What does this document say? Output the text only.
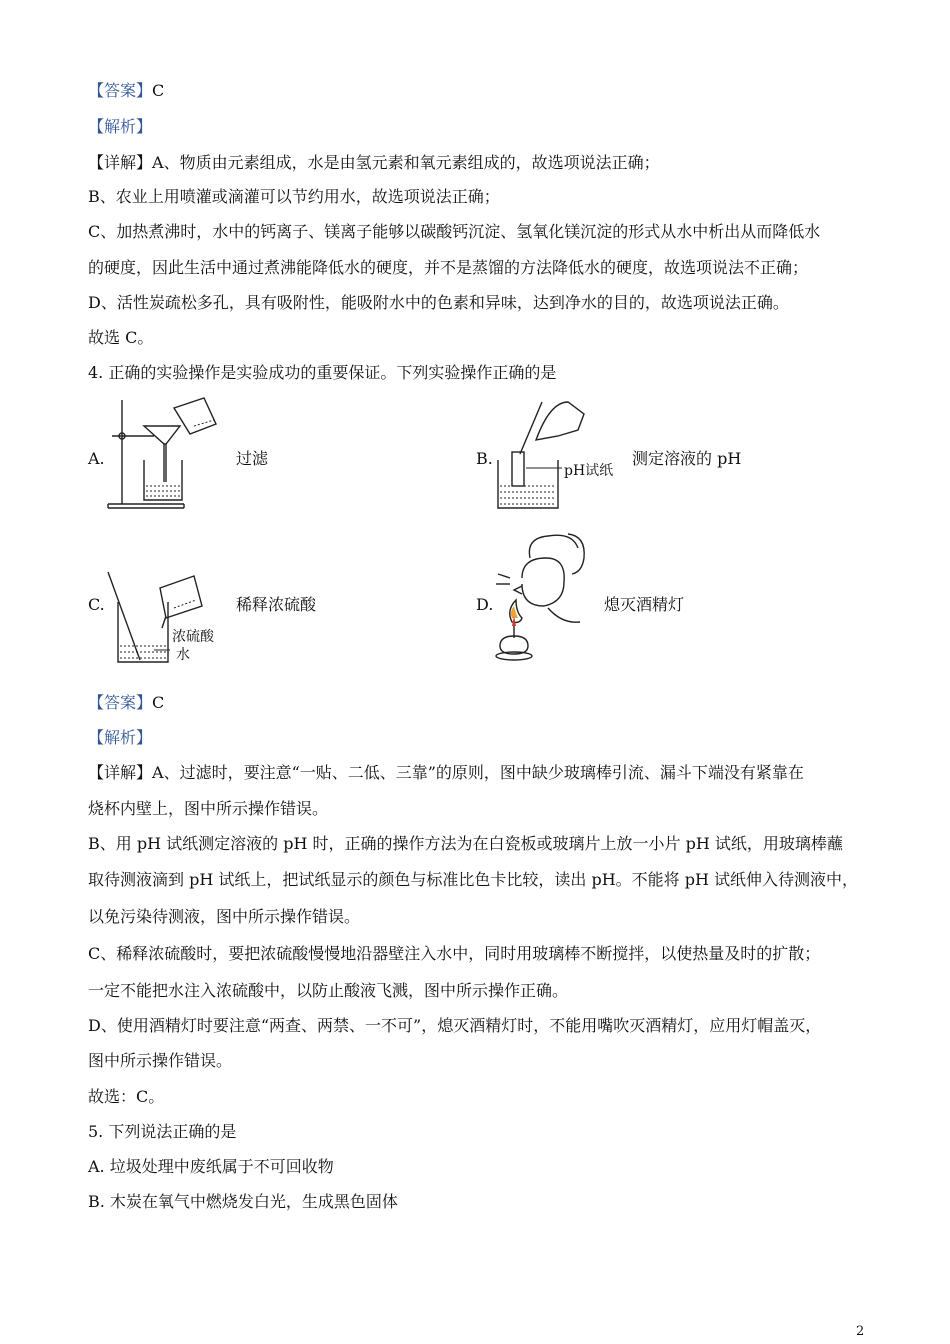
【答案】C
【解析】
【详解】A、物质由元素组成，水是由氢元素和氧元素组成的，故选项说法正确；
B、农业上用喷灌或滴灌可以节约用水，故选项说法正确；
C、加热煮沸时，水中的钙离子、镁离子能够以碳酸钙沉淀、氢氧化镁沉淀的形式从水中析出从而降低水
的硬度，因此生活中通过煮沸能降低水的硬度，并不是蒸馏的方法降低水的硬度，故选项说法不正确；
D、活性炭疏松多孔，具有吸附性，能吸附水中的色素和异味，达到净水的目的，故选项说法正确。
故选 C。
4. 正确的实验操作是实验成功的重要保证。下列实验操作正确的是
A.	过滤	B.
pH试纸
测定溶液的 pH
C.
浓硫酸
水
稀释浓硫酸	D.	熄灭酒精灯
【答案】C
【解析】
【详解】A、过滤时，要注意“一贴、二低、三靠”的原则，图中缺少玻璃棒引流、漏斗下端没有紧靠在
烧杯内壁上，图中所示操作错误。
B、用 pH 试纸测定溶液的 pH 时，正确的操作方法为在白瓷板或玻璃片上放一小片 pH 试纸，用玻璃棒蘸
取待测液滴到 pH 试纸上，把试纸显示的颜色与标准比色卡比较，读出 pH。不能将 pH 试纸伸入待测液中，
以免污染待测液，图中所示操作错误。
C、稀释浓硫酸时，要把浓硫酸慢慢地沿器壁注入水中，同时用玻璃棒不断搅拌，以使热量及时的扩散；
一定不能把水注入浓硫酸中，以防止酸液飞溅，图中所示操作正确。
D、使用酒精灯时要注意“两查、两禁、一不可”，熄灭酒精灯时，不能用嘴吹灭酒精灯，应用灯帽盖灭，
图中所示操作错误。
故选：C。
5. 下列说法正确的是
A. 垃圾处理中废纸属于不可回收物
B. 木炭在氧气中燃烧发白光，生成黑色固体
2
